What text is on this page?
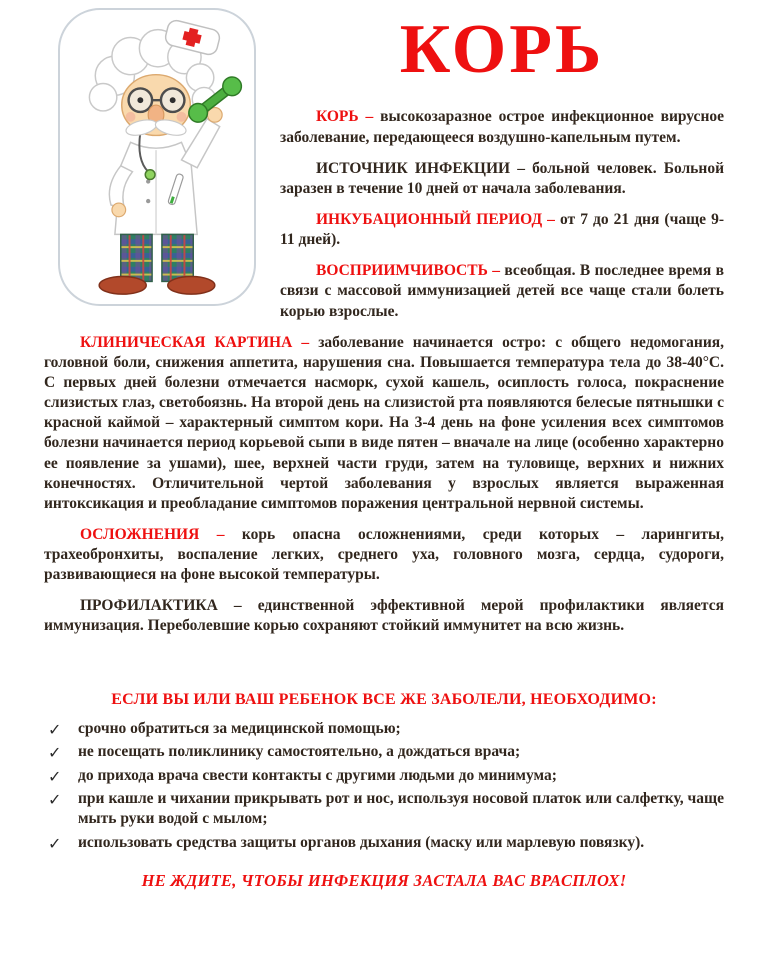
КОРЬ

КОРЬ – высокозаразное острое инфекционное вирусное заболевание, передающееся воздушно-капельным путем.

ИСТОЧНИК ИНФЕКЦИИ – больной человек. Больной заразен в течение 10 дней от начала заболевания.

ИНКУБАЦИОННЫЙ ПЕРИОД – от 7 до 21 дня (чаще 9-11 дней).

ВОСПРИИМЧИВОСТЬ – всеобщая. В последнее время в связи с массовой иммунизацией детей все чаще стали болеть корью взрослые.

КЛИНИЧЕСКАЯ КАРТИНА – заболевание начинается остро: с общего недомогания, головной боли, снижения аппетита, нарушения сна. Повышается температура тела до 38-40°С. С первых дней болезни отмечается насморк, сухой кашель, осиплость голоса, покраснение слизистых глаз, светобоязнь. На второй день на слизистой рта появляются белесые пятнышки с красной каймой – характерный симптом кори. На 3-4 день на фоне усиления всех симптомов болезни начинается период корьевой сыпи в виде пятен – вначале на лице (особенно характерно ее появление за ушами), шее, верхней части груди, затем на туловище, верхних и нижних конечностях. Отличительной чертой заболевания у взрослых является выраженная интоксикация и преобладание симптомов поражения центральной нервной системы.

ОСЛОЖНЕНИЯ – корь опасна осложнениями, среди которых – ларингиты, трахеобронхиты, воспаление легких, среднего уха, головного мозга, сердца, судороги, развивающиеся на фоне высокой температуры.

ПРОФИЛАКТИКА – единственной эффективной мерой профилактики является иммунизация. Переболевшие корью сохраняют стойкий иммунитет на всю жизнь.

ЕСЛИ ВЫ ИЛИ ВАШ РЕБЕНОК ВСЕ ЖЕ ЗАБОЛЕЛИ, НЕОБХОДИМО:
✓ срочно обратиться за медицинской помощью;
✓ не посещать поликлинику самостоятельно, а дождаться врача;
✓ до прихода врача свести контакты с другими людьми до минимума;
✓ при кашле и чихании прикрывать рот и нос, используя носовой платок или салфетку, чаще мыть руки водой с мылом;
✓ использовать средства защиты органов дыхания (маску или марлевую повязку).

НЕ ЖДИТЕ, ЧТОБЫ ИНФЕКЦИЯ ЗАСТАЛА ВАС ВРАСПЛОХ!
